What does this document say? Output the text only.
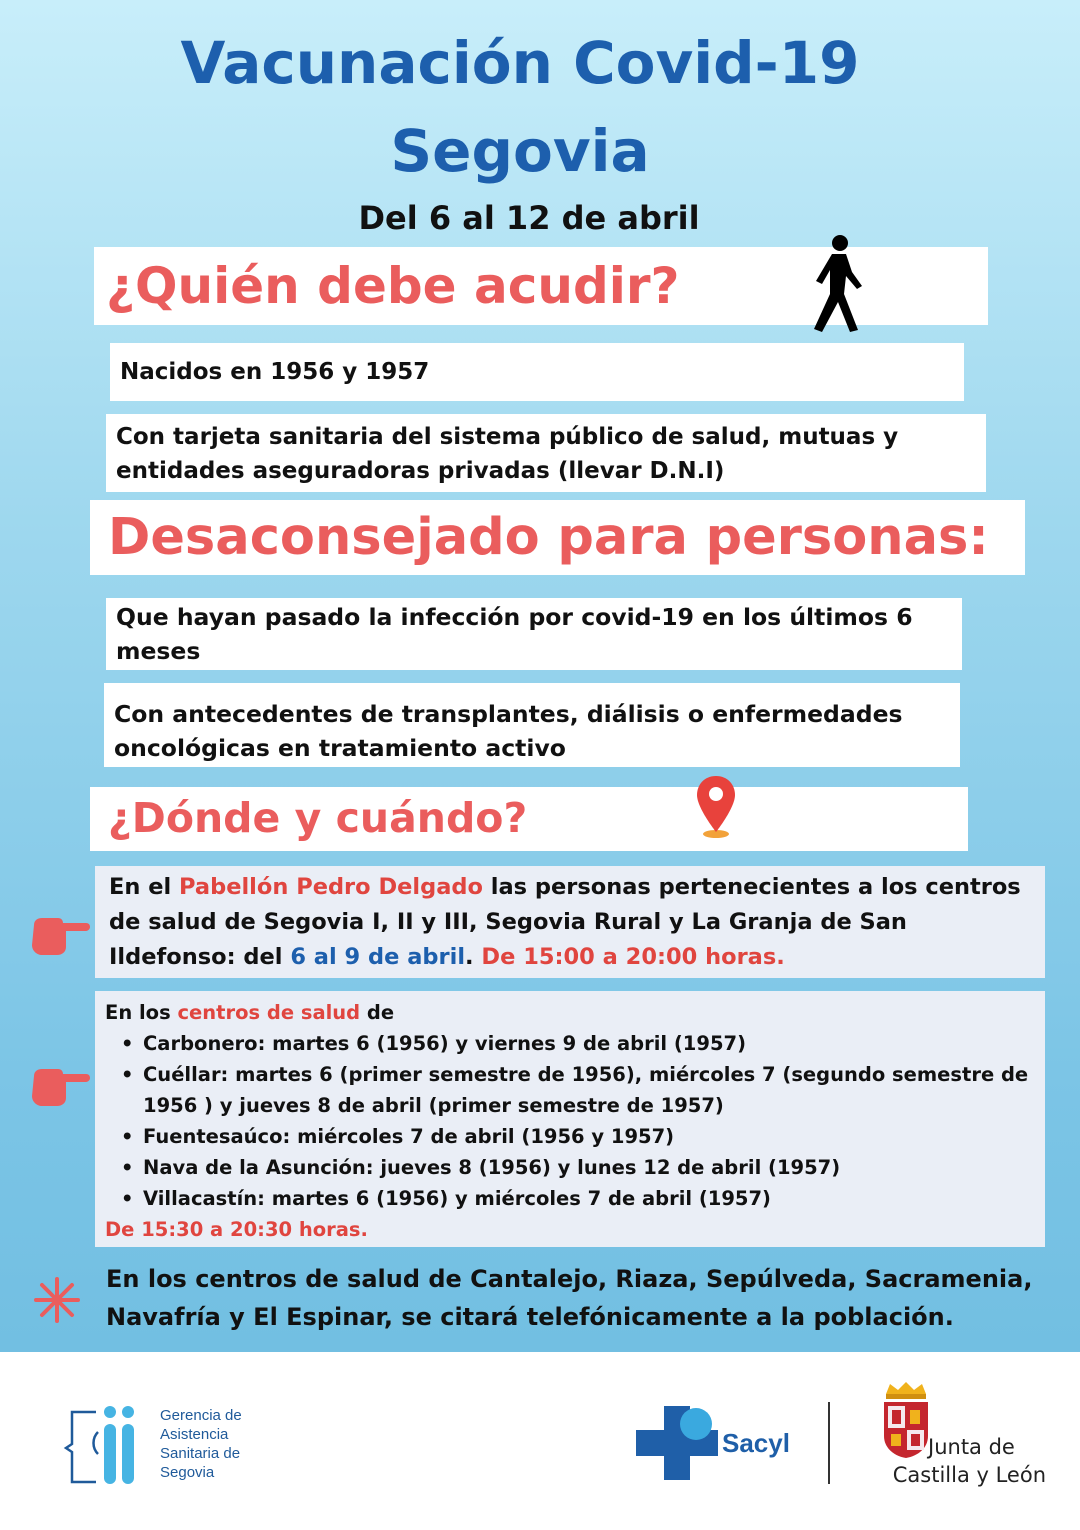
Vacunación Covid-19
Segovia
Del 6 al 12 de abril
¿Quién debe acudir?
Nacidos en 1956 y 1957
Con tarjeta sanitaria del sistema público de salud, mutuas y entidades aseguradoras privadas (llevar D.N.I)
Desaconsejado para personas:
Que hayan pasado la infección por covid-19 en los últimos 6 meses
Con antecedentes de transplantes, diálisis o enfermedades oncológicas en tratamiento activo
¿Dónde y cuándo?
En el Pabellón Pedro Delgado las personas pertenecientes a los centros de salud de Segovia I, II y III, Segovia Rural y La Granja de San Ildefonso: del 6 al 9 de abril. De 15:00 a 20:00 horas.
En los centros de salud de
• Carbonero: martes 6 (1956) y viernes 9 de abril (1957)
• Cuéllar: martes 6 (primer semestre de 1956), miércoles 7 (segundo semestre de 1956 ) y jueves 8 de abril (primer semestre de 1957)
• Fuentesaúco: miércoles 7 de abril (1956 y 1957)
• Nava de la Asunción: jueves 8 (1956) y lunes 12 de abril (1957)
• Villacastín: martes 6 (1956) y miércoles 7 de abril (1957)
De 15:30 a 20:30 horas.
En los centros de salud de Cantalejo, Riaza, Sepúlveda, Sacramenia, Navafría y El Espinar, se citará telefónicamente a la población.
Gerencia de
Asistencia
Sanitaria de
Segovia
Sacyl	Junta de
Castilla y León
